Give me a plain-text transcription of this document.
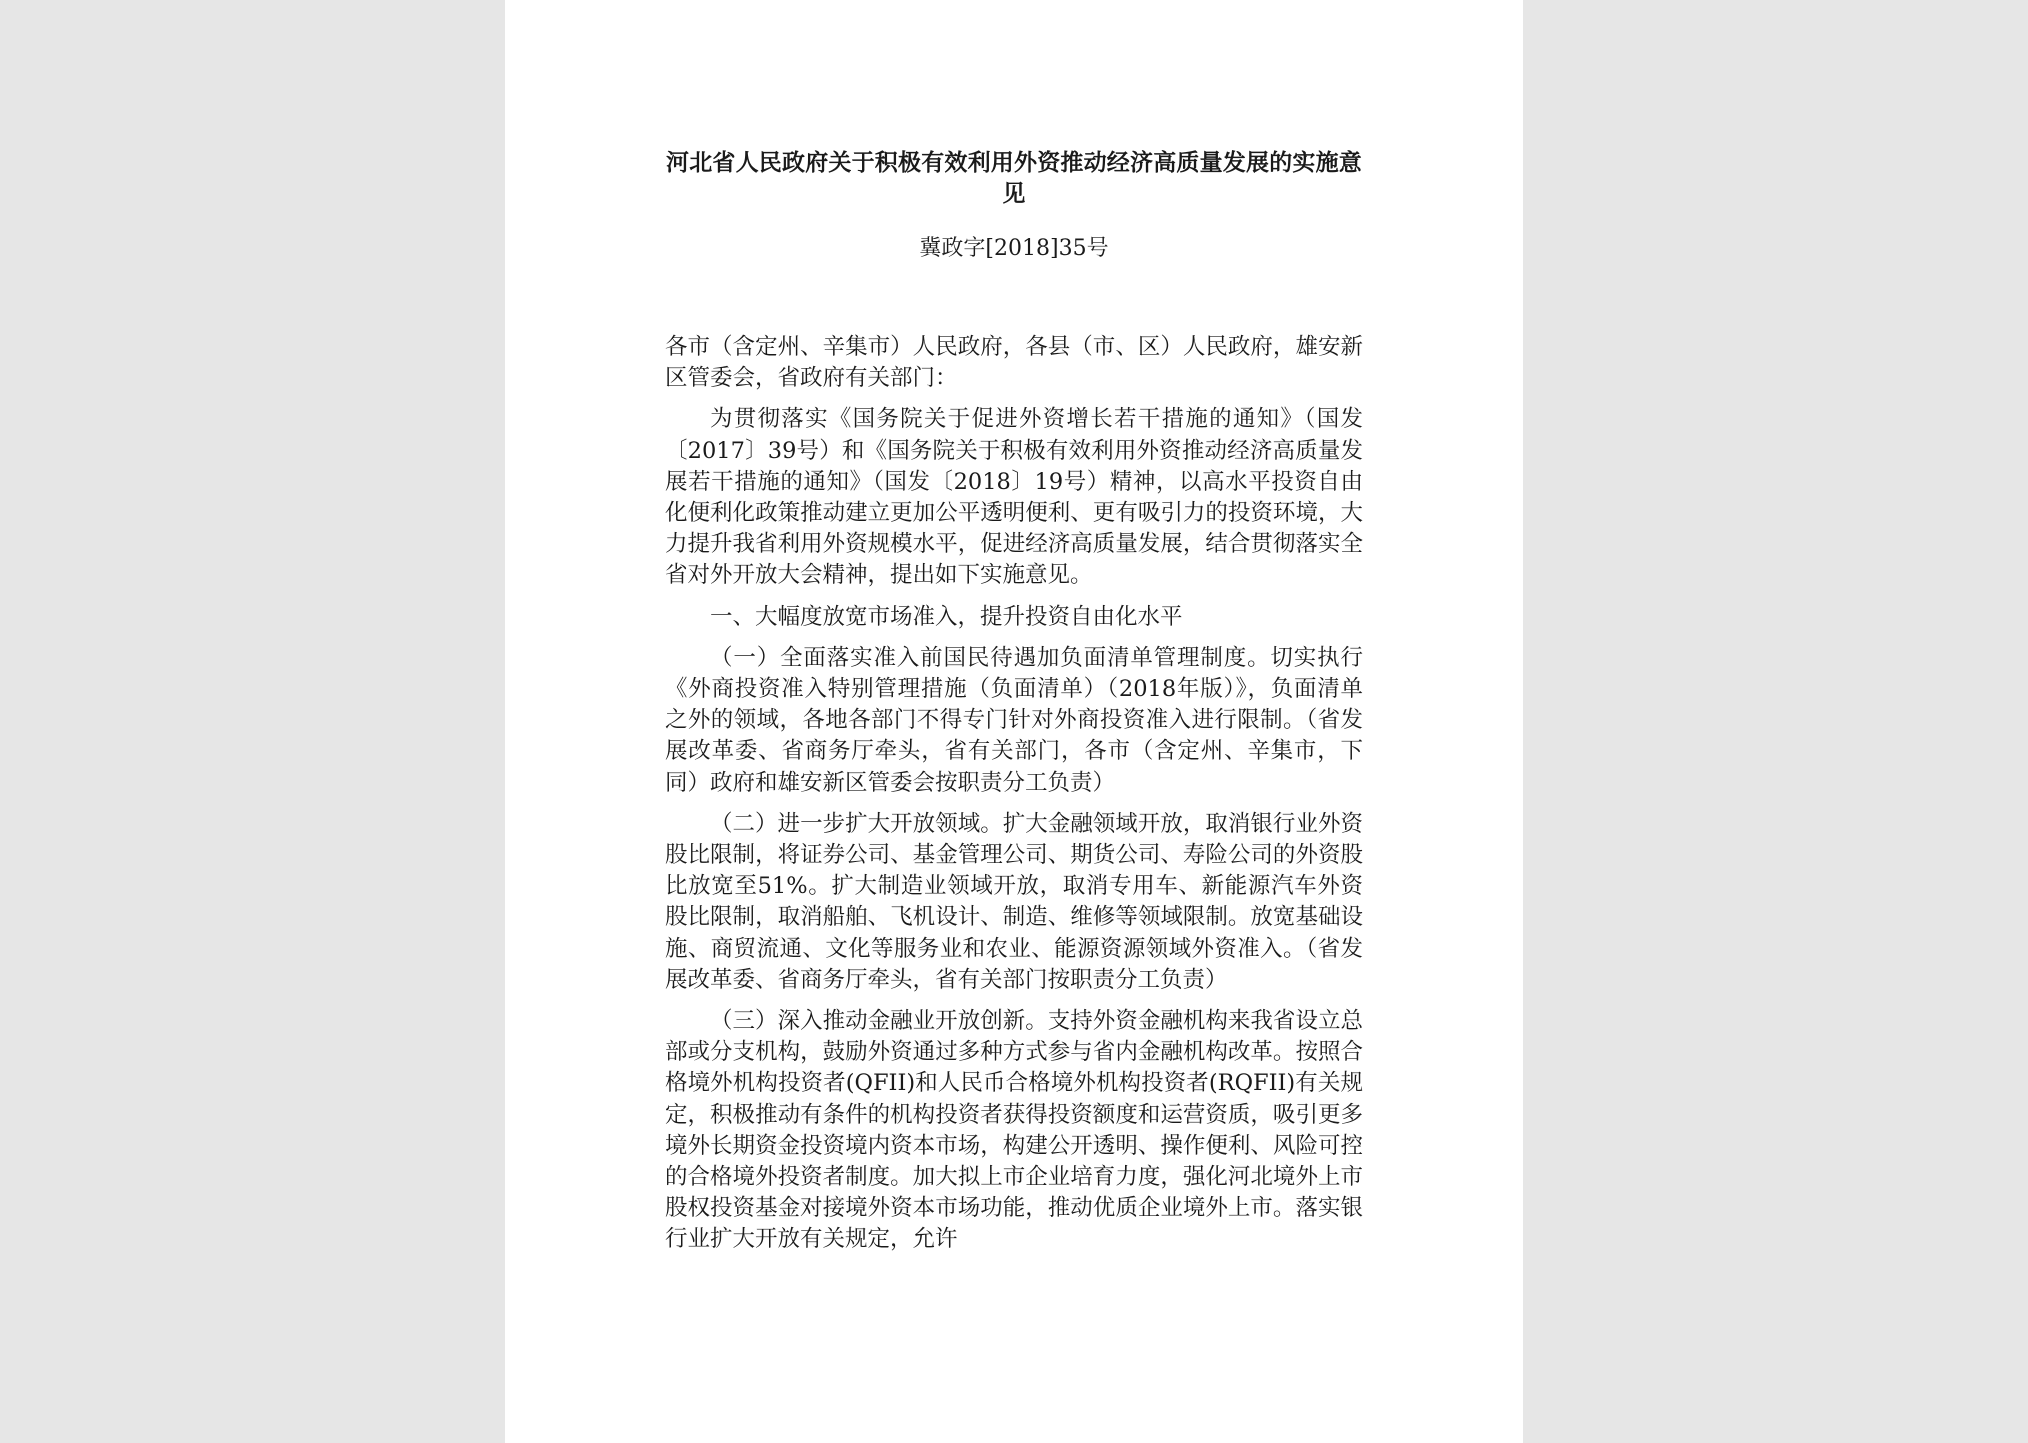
河北省人民政府关于积极有效利用外资推动经济高质量发展的实施意见
冀政字[2018]35号

各市（含定州、辛集市）人民政府，各县（市、区）人民政府，雄安新区管委会，省政府有关部门：

为贯彻落实《国务院关于促进外资增长若干措施的通知》（国发〔2017〕39号）和《国务院关于积极有效利用外资推动经济高质量发展若干措施的通知》（国发〔2018〕19号）精神，以高水平投资自由化便利化政策推动建立更加公平透明便利、更有吸引力的投资环境，大力提升我省利用外资规模水平，促进经济高质量发展，结合贯彻落实全省对外开放大会精神，提出如下实施意见。

一、大幅度放宽市场准入，提升投资自由化水平

（一）全面落实准入前国民待遇加负面清单管理制度。切实执行《外商投资准入特别管理措施（负面清单）（2018年版）》，负面清单之外的领域，各地各部门不得专门针对外商投资准入进行限制。（省发展改革委、省商务厅牵头，省有关部门，各市（含定州、辛集市，下同）政府和雄安新区管委会按职责分工负责）

（二）进一步扩大开放领域。扩大金融领域开放，取消银行业外资股比限制，将证券公司、基金管理公司、期货公司、寿险公司的外资股比放宽至51%。扩大制造业领域开放，取消专用车、新能源汽车外资股比限制，取消船舶、飞机设计、制造、维修等领域限制。放宽基础设施、商贸流通、文化等服务业和农业、能源资源领域外资准入。（省发展改革委、省商务厅牵头，省有关部门按职责分工负责）

（三）深入推动金融业开放创新。支持外资金融机构来我省设立总部或分支机构，鼓励外资通过多种方式参与省内金融机构改革。按照合格境外机构投资者(QFII)和人民币合格境外机构投资者(RQFII)有关规定，积极推动有条件的机构投资者获得投资额度和运营资质，吸引更多境外长期资金投资境内资本市场，构建公开透明、操作便利、风险可控的合格境外投资者制度。加大拟上市企业培育力度，强化河北境外上市股权投资基金对接境外资本市场功能，推动优质企业境外上市。落实银行业扩大开放有关规定，允许
